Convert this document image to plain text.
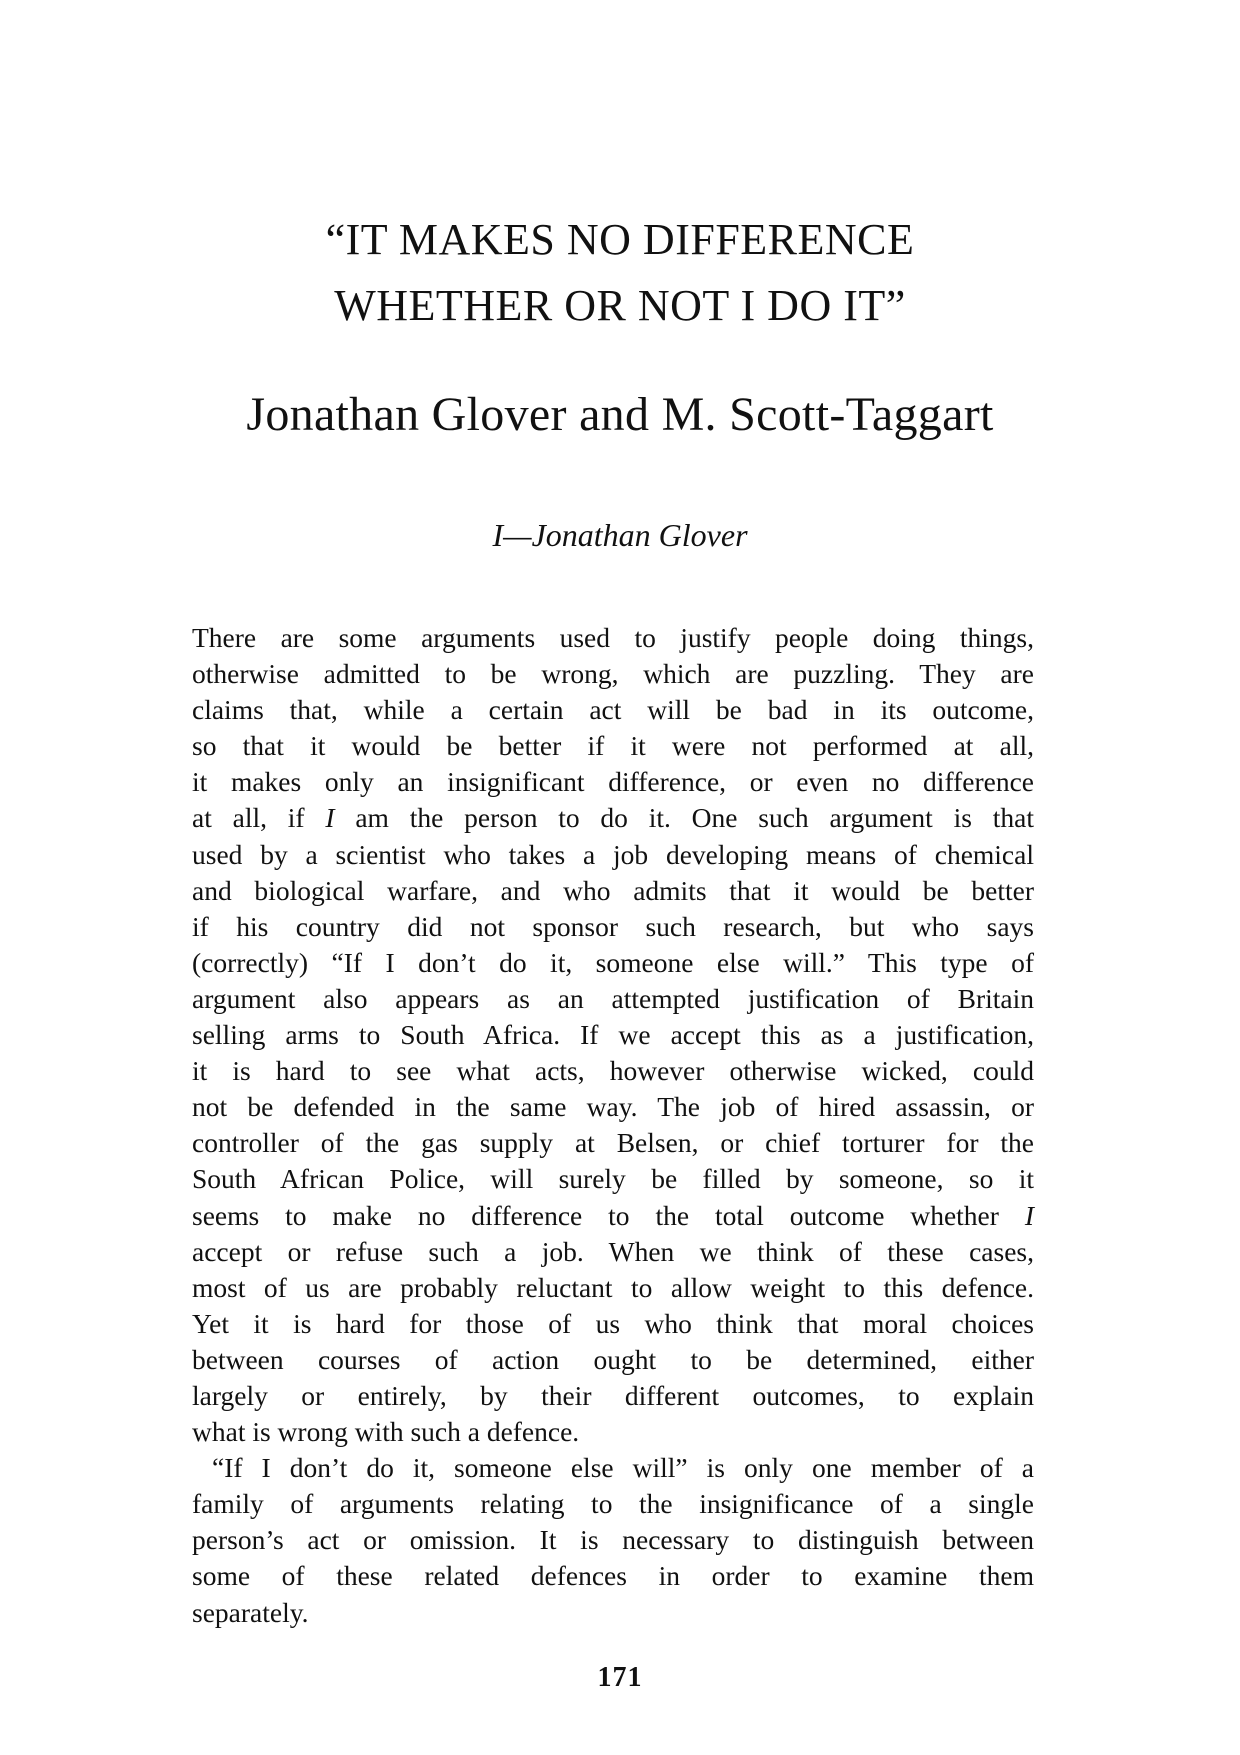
“IT MAKES NO DIFFERENCE
WHETHER OR NOT I DO IT”
Jonathan Glover and M. Scott-Taggart
I—Jonathan Glover
There are some arguments used to justify people doing things,
otherwise admitted to be wrong, which are puzzling. They are
claims that, while a certain act will be bad in its outcome,
so that it would be better if it were not performed at all,
it makes only an insignificant difference, or even no difference
at all, if I am the person to do it. One such argument is that
used by a scientist who takes a job developing means of chemical
and biological warfare, and who admits that it would be better
if his country did not sponsor such research, but who says
(correctly) “If I don’t do it, someone else will.” This type of
argument also appears as an attempted justification of Britain
selling arms to South Africa. If we accept this as a justification,
it is hard to see what acts, however otherwise wicked, could
not be defended in the same way. The job of hired assassin, or
controller of the gas supply at Belsen, or chief torturer for the
South African Police, will surely be filled by someone, so it
seems to make no difference to the total outcome whether I
accept or refuse such a job. When we think of these cases,
most of us are probably reluctant to allow weight to this defence.
Yet it is hard for those of us who think that moral choices
between courses of action ought to be determined, either
largely or entirely, by their different outcomes, to explain
what is wrong with such a defence.
“If I don’t do it, someone else will” is only one member of a
family of arguments relating to the insignificance of a single
person’s act or omission. It is necessary to distinguish between
some of these related defences in order to examine them
separately.
171
